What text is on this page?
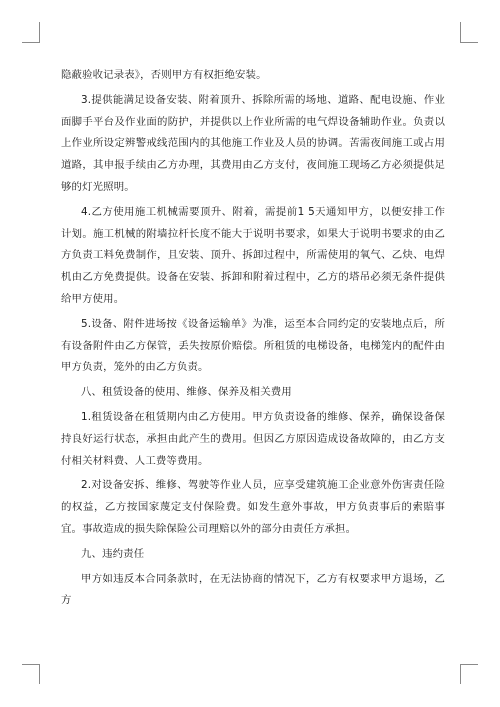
隐蔽验收记录表》，否则甲方有权拒绝安装。

3.提供能满足设备安装、附着顶升、拆除所需的场地、道路、配电设施、作业面脚手平台及作业面的防护，并提供以上作业所需的电气焊设备辅助作业。负责以上作业所设定辨警戒线范围内的其他施工作业及人员的协调。苦需夜间施工或占用道路，其申报手续由乙方办理，其费用由乙方支付，夜间施工现场乙方必须提供足够的灯光照明。

4.乙方使用施工机械需要顶升、附着，需提前1 5天通知甲方，以便安排工作计划。施工机械的附墙拉杆长度不能大于说明书要求，如果大于说明书要求的由乙方负责工料免费制作，且安装、顶升、拆卸过程中，所需使用的氧气、乙炔、电焊机由乙方免费提供。设备在安装、拆卸和附着过程中，乙方的塔吊必须无条件提供给甲方使用。

5.设备、附件进场按《设备运输单》为准，运至本合同约定的安装地点后，所有设备附件由乙方保管，丢失按原价赔偿。所租赁的电梯设备，电梯笼内的配件由甲方负责，笼外的由乙方负责。

八、租赁设备的使用、维修、保养及相关费用

1.租赁设备在租赁期内由乙方使用。甲方负责设备的维修、保养，确保设备保持良好运行状态，承担由此产生的费用。但因乙方原因造成设备故障的，由乙方支付相关材料费、人工费等费用。

2.对设备安拆、维修、驾驶等作业人员，应享受建筑施工企业意外伤害责任险的权益，乙方按国家蔑定支付保险费。如发生意外事故，甲方负责事后的索賠事宜。事故造成的损失除保险公司理赔以外的部分由责任方承担。

九、违约责任

甲方如违反本合同条款时，在无法协商的情况下，乙方有权要求甲方退场，乙方
